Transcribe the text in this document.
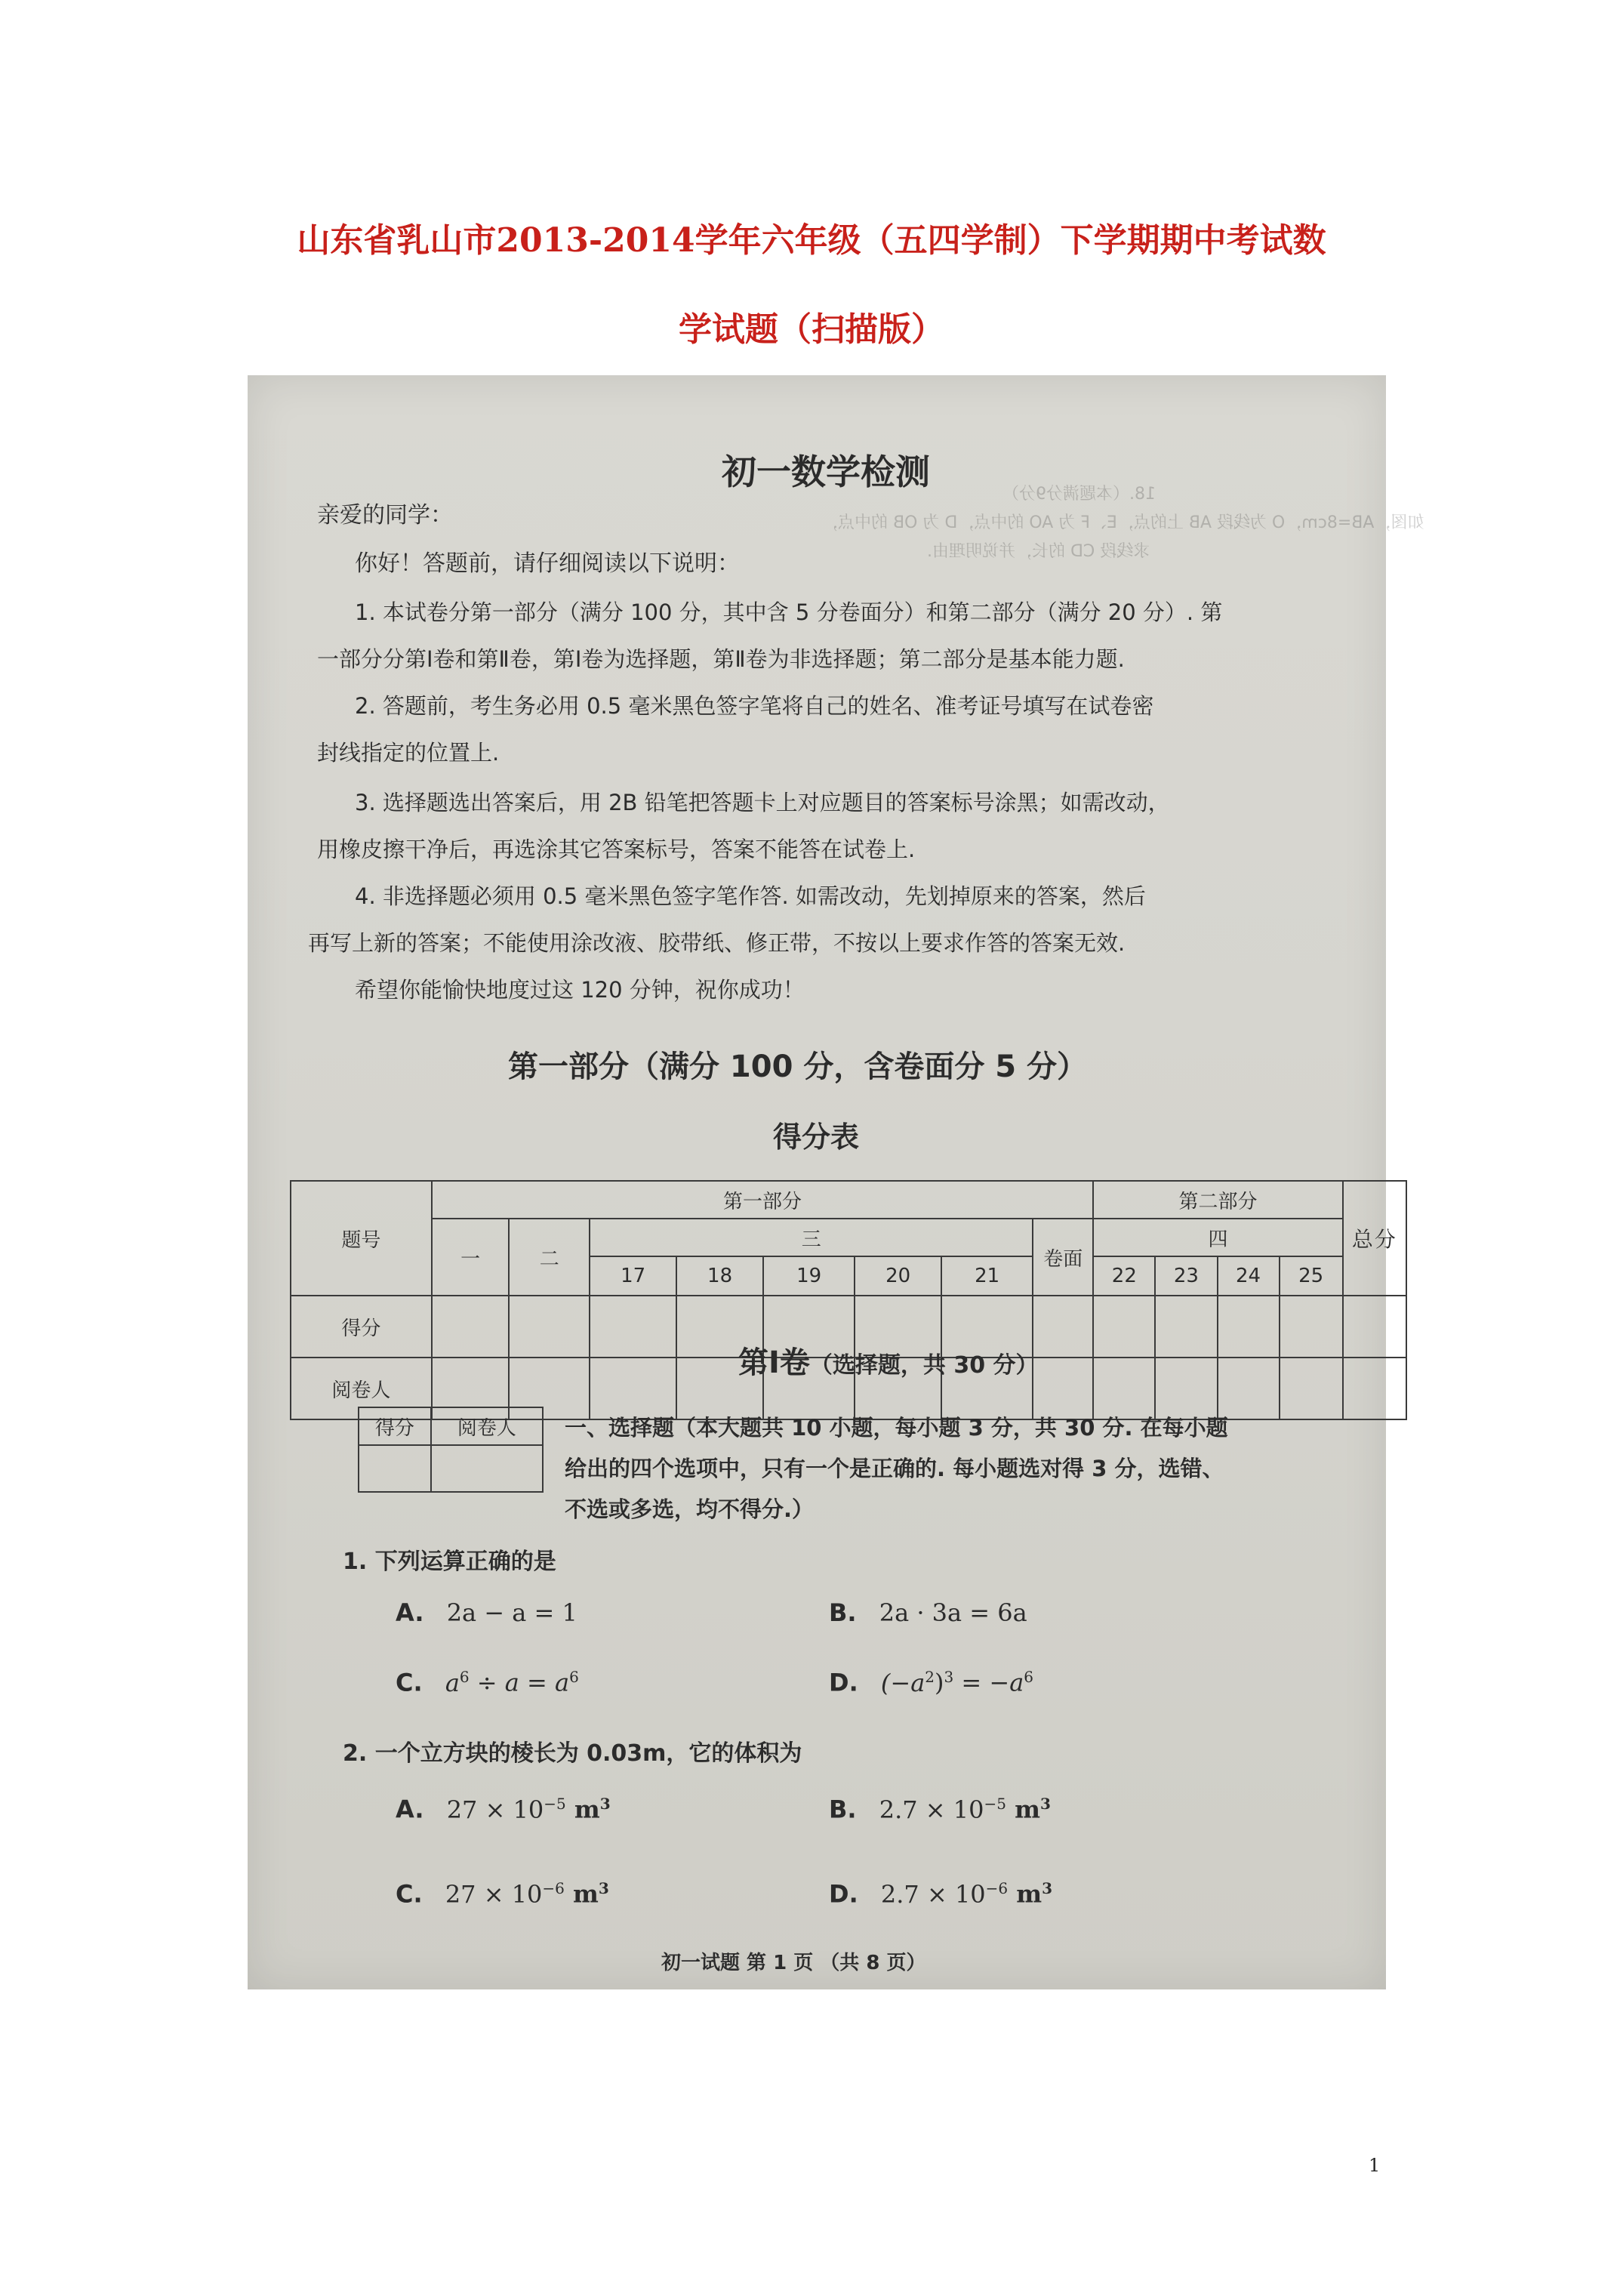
山东省乳山市2013-2014学年六年级（五四学制）下学期期中考试数
学试题（扫描版）
18.（本题满分9分）
如图，AB=8cm，O 为线段 AB 上的点，E、F 为 AO 的中点，D 为 OB 的中点，
求线段 CD 的长，并说明理由.
初一数学检测
亲爱的同学：
你好！答题前，请仔细阅读以下说明：
1. 本试卷分第一部分（满分 100 分，其中含 5 分卷面分）和第二部分（满分 20 分）. 第
一部分分第Ⅰ卷和第Ⅱ卷，第Ⅰ卷为选择题，第Ⅱ卷为非选择题；第二部分是基本能力题.
2. 答题前，考生务必用 0.5 毫米黑色签字笔将自己的姓名、准考证号填写在试卷密
封线指定的位置上.
3. 选择题选出答案后，用 2B 铅笔把答题卡上对应题目的答案标号涂黑；如需改动，
用橡皮擦干净后，再选涂其它答案标号，答案不能答在试卷上.
4. 非选择题必须用 0.5 毫米黑色签字笔作答. 如需改动，先划掉原来的答案，然后
再写上新的答案；不能使用涂改液、胶带纸、修正带，不按以上要求作答的答案无效.
希望你能愉快地度过这 120 分钟，祝你成功！
第一部分（满分 100 分，含卷面分 5 分）
得分表
题号	第一部分								第二部分				总分
	一	二	三					卷面	四				
			17	18	19	20	21		22	23	24	25	
得分													
阅卷人													
第Ⅰ卷（选择题，共 30 分）
得分	阅卷人
	一、选择题（本大题共 10 小题，每小题 3 分，共 30 分. 在每小题
给出的四个选项中，只有一个是正确的. 每小题选对得 3 分，选错、
不选或多选，均不得分.）
1. 下列运算正确的是
A. 2a − a = 1	B. 2a · 3a = 6a
C. $a^6 \div a = a^6$	D. $(-a^2)^3 = -a^6$
2. 一个立方块的棱长为 0.03m，它的体积为
A. $27 \times 10^{-5}$ $m^3$	B. $2.7 \times 10^{-5}$ $m^3$
C. $27 \times 10^{-6}$ $m^3$	D. $2.7 \times 10^{-6}$ $m^3$
初一试题 第 1 页 （共 8 页）
1
